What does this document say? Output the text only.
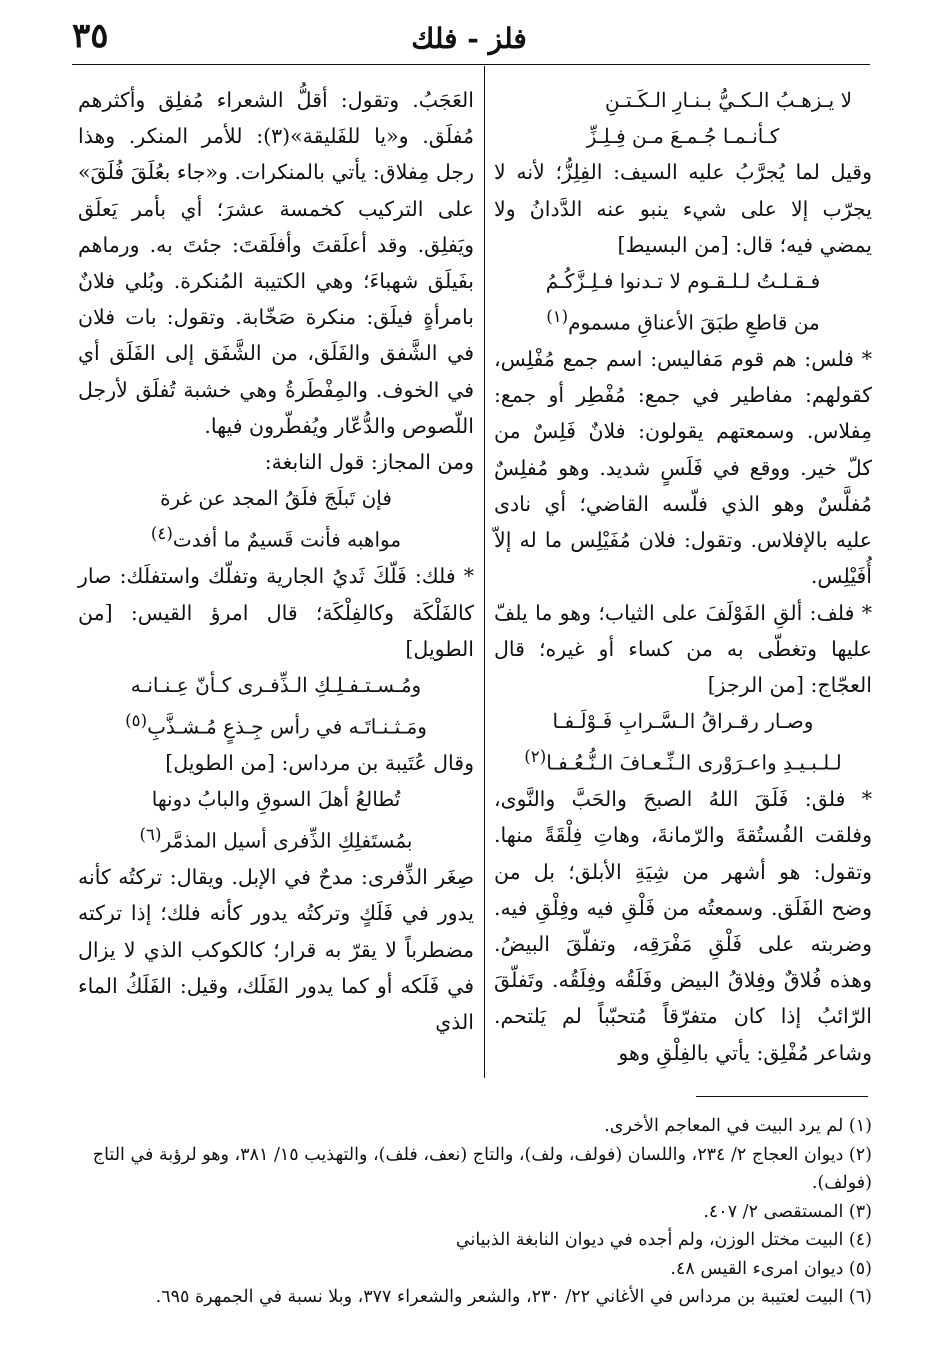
٣٥	فلز - فلك
لا يـزهـبُ الـكـيُّ بـنـارِ الـكَـتـنِ
كـأنـمـا جُـمـعَ مـن فِـلِـزِّ

وقيل لما يُجرَّبُ عليه السيف: الفِلِزُّ؛ لأنه لا يجرّب إلا على شيء ينبو عنه الدَّدانُ ولا يمضي فيه؛ قال: [من البسيط]

فـقـلـتُ لـلـقـوم لا تـدنوا فـلِـزَّكُـمُ
من قاطعِ طبَقَ الأعناقِ مسموم$^{(١)}$

* فلس: هم قوم مَفاليس: اسم جمع مُفْلِس، كقولهم: مفاطير في جمع: مُفْطِر أو جمع: مِفلاس. وسمعتهم يقولون: فلانٌ فَلِسٌ من كلّ خير. ووقع في فَلَسٍ شديد. وهو مُفلِسٌ مُفلَّسٌ وهو الذي فلّسه القاضي؛ أي نادى عليه بالإفلاس. وتقول: فلان مُفَيْلِس ما له إلاّ أُفَيْلِس.

* فلف: ألقِ الفَوْلَفَ على الثياب؛ وهو ما يلفّ عليها وتغطّى به من كساء أو غيره؛ قال العجّاج: [من الرجز]

وصـار رقـراقُ الـسَّـرابِ فَـوْلَـفـا
لـلـبـيـدِ واعـرَوْرى الـنِّـعـافَ الـنُّـعُـفـا$^{(٢)}$

* فلق: فَلَقَ اللهُ الصبحَ والحَبَّ والنَّوى، وفلقت الفُستُقةَ والرّمانةَ، وهاتِ فِلْقَةً منها. وتقول: هو أشهر من شِيَةِ الأبلق؛ بل من وضح الفَلَق. وسمعتُه من فَلْقِ فيه وفِلْقِ فيه. وضربته على فَلْقِ مَفْرَقِه، وتفلّقَ البيضُ. وهذه فُلاقٌ وفِلاقُ البيض وفَلَقُه وفِلَقُه. وتَفلّقَ الرّائبُ إذا كان متفرّقاً مُتحبّباً لم يَلتحم. وشاعر مُفْلِق: يأتي بالفِلْقِ وهو

العَجَبُ. وتقول: أقلُّ الشعراء مُفلِق وأكثرهم مُفلَق. و«يا للفَليقة»(٣): للأمر المنكر. وهذا رجل مِفلاق: يأتي بالمنكرات. و«جاء بعُلَقَ فُلَقَ» على التركيب كخمسة عشرَ؛ أي بأمر يَعلَق ويَفلِق. وقد أعلَقتَ وأفلَقتَ: جئتَ به. ورماهم بفَيلَق شهباءَ؛ وهي الكتيبة المُنكرة. وبُلي فلانٌ بامرأةٍ فيلَق: منكرة صَخّابة. وتقول: بات فلان في الشَّفق والفَلَق، من الشَّفَق إلى الفَلَق أي في الخوف. والمِفْطَرةُ وهي خشبة تُفلَق لأرجل اللّصوص والدُّعّار ويُفطّرون فيها.

ومن المجاز: قول النابغة:

فإن تَبلَجَ فلَقُ المجد عن غرة
مواهبه فأنت قَسيمٌ ما أفدت$^{(٤)}$

* فلك: فَلّكَ ثَديُ الجارية وتفلّك واستفلَك: صار كالفَلْكَة وكالفِلْكَة؛ قال امرؤ القيس: [من الطويل]

ومُـسـتـفـلِـكِ الـذِّفـرى كـأنّ عِـنـانـه
ومَـثـنـاتَـه في رأس جِـذعٍ مُـشـذَّبِ$^{(٥)}$

وقال عُتَيبة بن مرداس: [من الطويل]

تُطالعُ أهلَ السوقِ والبابُ دونها
بمُستَفلِكِ الذِّفرى أسيل المذمَّر$^{(٦)}$

صِغَر الذِّفرى: مدحٌ في الإبل. ويقال: تركتُه كأنه يدور في فَلَكٍ وتركتُه يدور كأنه فلك؛ إذا تركته مضطرباً لا يقرّ به قرار؛ كالكوكب الذي لا يزال في فَلَكه أو كما يدور الفَلَك، وقيل: الفَلَكُ الماء الذي

(١) لم يرد البيت في المعاجم الأخرى.

(٢) ديوان العجاج ٢/ ٢٣٤، واللسان (فولف، ولف)، والتاج (نعف، فلف)، والتهذيب ١٥/ ٣٨١، وهو لرؤبة في التاج (فولف).

(٣) المستقصى ٢/ ٤٠٧.

(٤) البيت مختل الوزن، ولم أجده في ديوان النابغة الذبياني

(٥) ديوان امرىء القيس ٤٨.

(٦) البيت لعتيبة بن مرداس في الأغاني ٢٢/ ٢٣٠، والشعر والشعراء ٣٧٧، وبلا نسبة في الجمهرة ٦٩٥.
